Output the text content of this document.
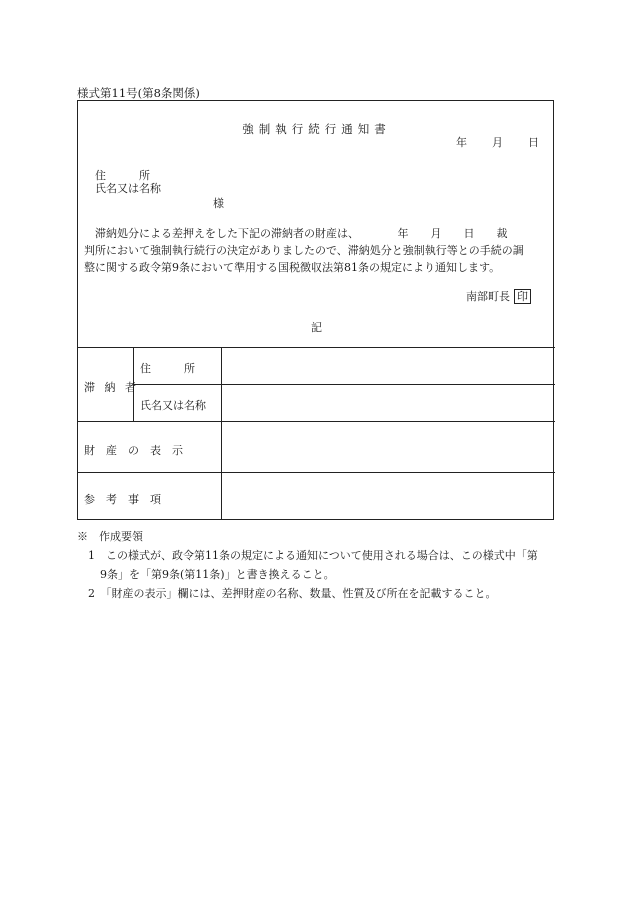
様式第11号(第8条関係)
強制執行続行通知書
年 月 日
住　　　所
氏名又は名称
様
滞納処分による差押えをした下記の滞納者の財産は、　　　　年　　月　　日　　裁
判所において強制執行続行の決定がありましたので、滞納処分と強制執行等との手続の調
整に関する政令第9条において準用する国税徴収法第81条の規定により通知します。
南部町長 印
記
滞 納 者
住　　　所
氏名又は名称
財　産　の　表　示
参　考　事　項
※　作成要領
1　この様式が、政令第11条の規定による通知について使用される場合は、この様式中「第
9条」を「第9条(第11条)」と書き換えること。
2　「財産の表示」欄には、差押財産の名称、数量、性質及び所在を記載すること。
